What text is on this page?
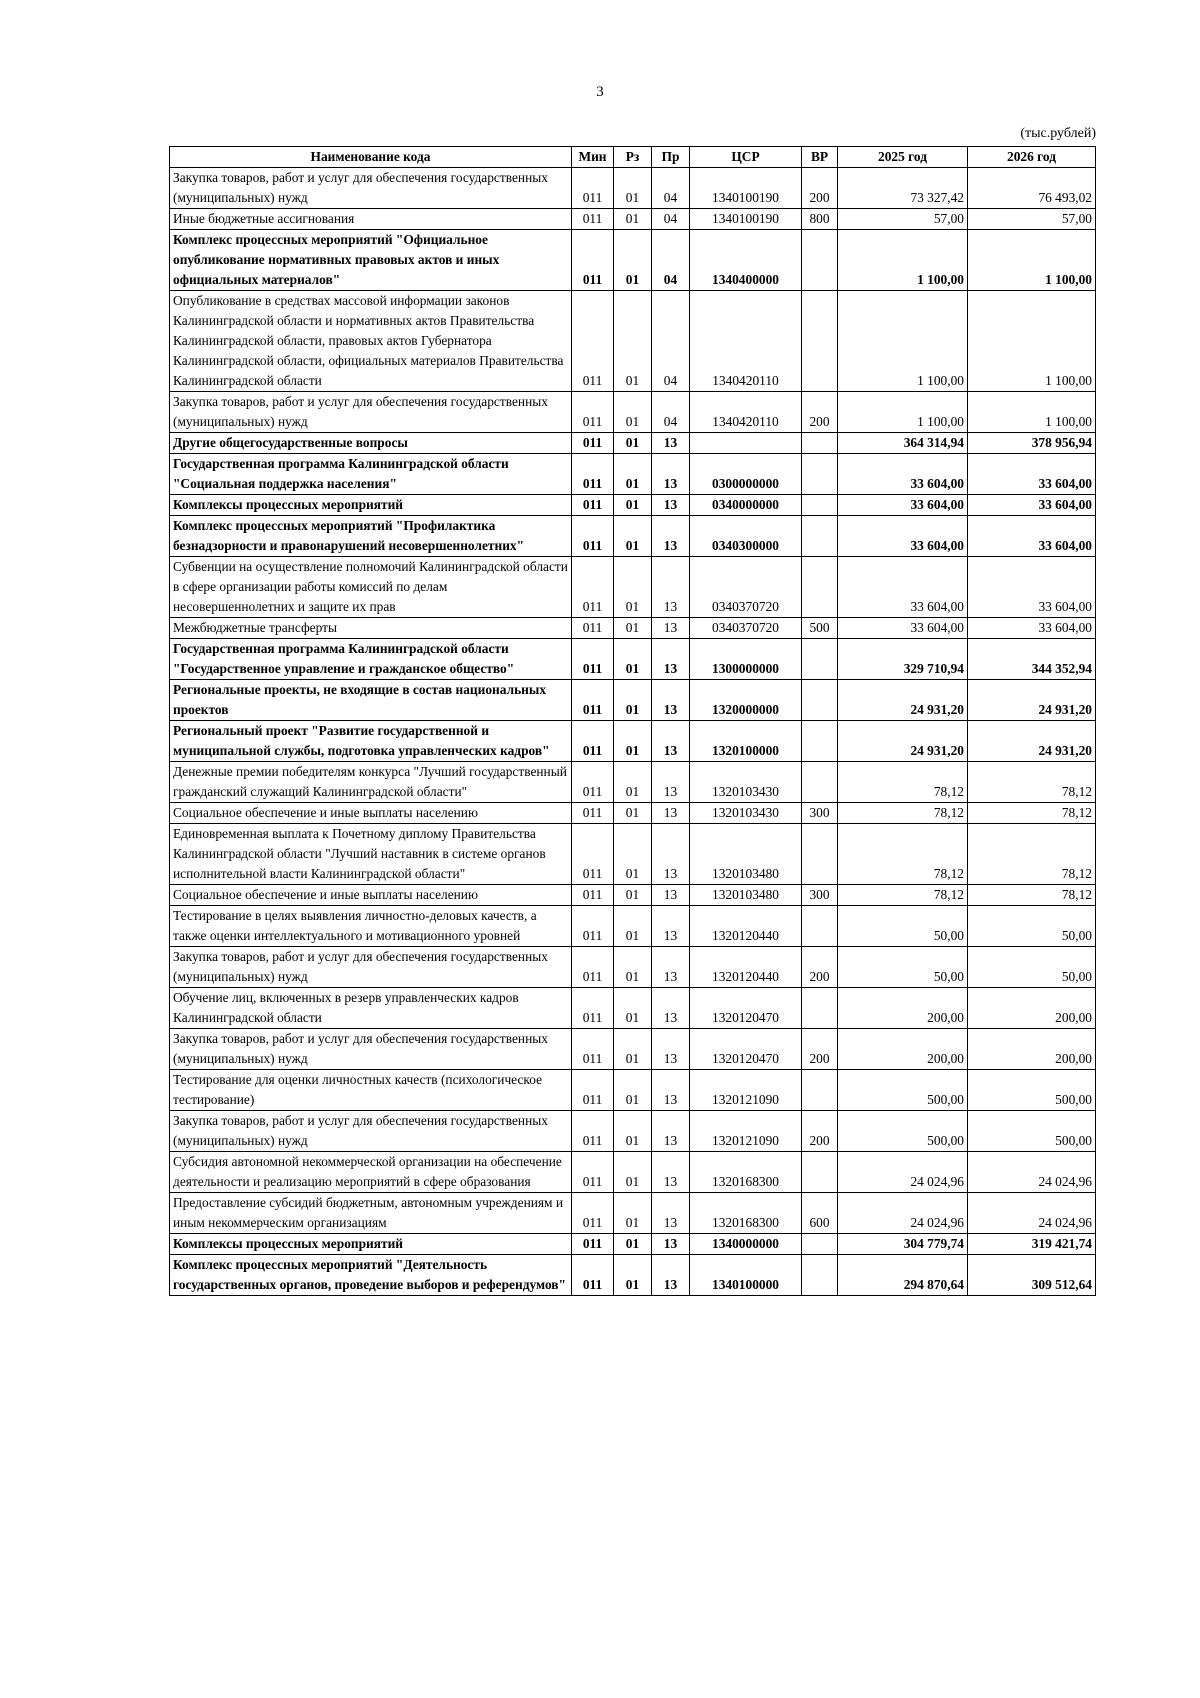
3
(тыс.рублей)
Наименование кода	Мин	Рз	Пр	ЦСР	ВР	2025 год	2026 год
Закупка товаров, работ и услуг для обеспечения государственных (муниципальных) нужд	011	01	04	1340100190	200	73 327,42	76 493,02
Иные бюджетные ассигнования	011	01	04	1340100190	800	57,00	57,00
Комплекс процессных мероприятий "Официальное опубликование нормативных правовых актов и иных официальных материалов"	011	01	04	1340400000		1 100,00	1 100,00
Опубликование в средствах массовой информации законов Калининградской области и нормативных актов Правительства Калининградской области, правовых актов Губернатора Калининградской области, официальных материалов Правительства Калининградской области	011	01	04	1340420110		1 100,00	1 100,00
Закупка товаров, работ и услуг для обеспечения государственных (муниципальных) нужд	011	01	04	1340420110	200	1 100,00	1 100,00
Другие общегосударственные вопросы	011	01	13			364 314,94	378 956,94
Государственная программа Калининградской области "Социальная поддержка населения"	011	01	13	0300000000		33 604,00	33 604,00
Комплексы процессных мероприятий	011	01	13	0340000000		33 604,00	33 604,00
Комплекс процессных мероприятий "Профилактика безнадзорности и правонарушений несовершеннолетних"	011	01	13	0340300000		33 604,00	33 604,00
Субвенции на осуществление полномочий Калининградской области в сфере организации работы комиссий по делам несовершеннолетних и защите их прав	011	01	13	0340370720		33 604,00	33 604,00
Межбюджетные трансферты	011	01	13	0340370720	500	33 604,00	33 604,00
Государственная программа Калининградской области "Государственное управление и гражданское общество"	011	01	13	1300000000		329 710,94	344 352,94
Региональные проекты, не входящие в состав национальных проектов	011	01	13	1320000000		24 931,20	24 931,20
Региональный проект "Развитие государственной и муниципальной службы, подготовка управленческих кадров"	011	01	13	1320100000		24 931,20	24 931,20
Денежные премии победителям конкурса "Лучший государственный гражданский служащий Калининградской области"	011	01	13	1320103430		78,12	78,12
Социальное обеспечение и иные выплаты населению	011	01	13	1320103430	300	78,12	78,12
Единовременная выплата к Почетному диплому Правительства Калининградской области "Лучший наставник в системе органов исполнительной власти Калининградской области"	011	01	13	1320103480		78,12	78,12
Социальное обеспечение и иные выплаты населению	011	01	13	1320103480	300	78,12	78,12
Тестирование в целях выявления личностно-деловых качеств, а также оценки интеллектуального и мотивационного уровней	011	01	13	1320120440		50,00	50,00
Закупка товаров, работ и услуг для обеспечения государственных (муниципальных) нужд	011	01	13	1320120440	200	50,00	50,00
Обучение лиц, включенных в резерв управленческих кадров Калининградской области	011	01	13	1320120470		200,00	200,00
Закупка товаров, работ и услуг для обеспечения государственных (муниципальных) нужд	011	01	13	1320120470	200	200,00	200,00
Тестирование для оценки личностных качеств (психологическое тестирование)	011	01	13	1320121090		500,00	500,00
Закупка товаров, работ и услуг для обеспечения государственных (муниципальных) нужд	011	01	13	1320121090	200	500,00	500,00
Субсидия автономной некоммерческой организации на обеспечение деятельности и реализацию мероприятий в сфере образования	011	01	13	1320168300		24 024,96	24 024,96
Предоставление субсидий бюджетным, автономным учреждениям и иным некоммерческим организациям	011	01	13	1320168300	600	24 024,96	24 024,96
Комплексы процессных мероприятий	011	01	13	1340000000		304 779,74	319 421,74
Комплекс процессных мероприятий "Деятельность государственных органов, проведение выборов и референдумов"	011	01	13	1340100000		294 870,64	309 512,64
